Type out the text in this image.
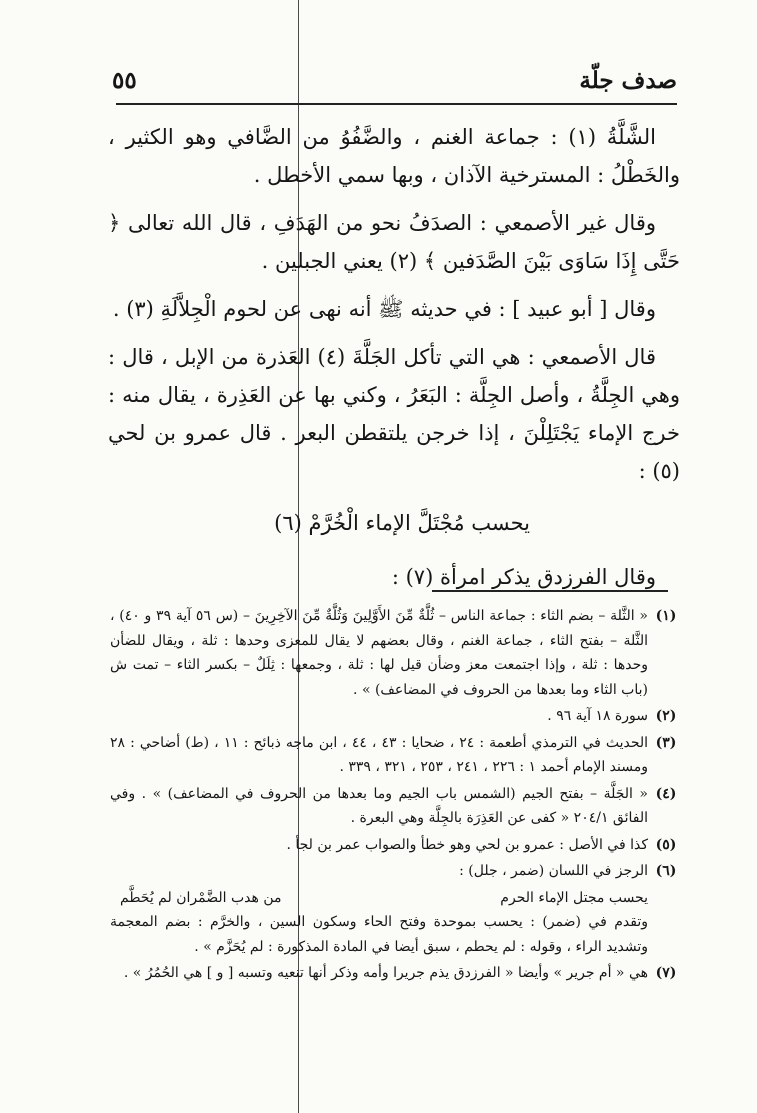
صدف جلّة
٥٥

الشَّلَّةُ (١) : جماعة الغنم ، والضَّفُوُ من الضَّافي وهو الكثير ، والخَطْلُ : المسترخية الآذان ، وبها سمي الأخطل .

وقال غير الأصمعي : الصدَفُ نحو من الهَدَفِ ، قال الله تعالى ﴿ حَتَّى إِذَا سَاوَى بَيْنَ الصَّدَفين ﴾ (٢) يعني الجبلين .

وقال [ أبو عبيد ] : في حديثه ﷺ أنه نهى عن لحوم الْجِلاَّلَةِ (٣) .

قال الأصمعي : هي التي تأكل الجَلَّةَ (٤) العَذرة من الإبل ، قال : وهي الجِلَّةُ ، وأصل الجِلَّة : البَعَرُ ، وكني بها عن العَذِرة ، يقال منه : خرج الإماء يَجْتَلِلْنَ ، إذا خرجن يلتقطن البعر . قال عمرو بن لحي (٥) :

يحسب مُجْتَلَّ الإماء الْخُرَّمْ (٦)

وقال الفرزدق يذكر امرأة (٧) :

(١)
« الثَّلة – بضم الثاء : جماعة الناس – ثُلَّةٌ مِّنَ الأَوَّلِينَ وَثُلَّةٌ مِّنَ الآخِرِينَ – (س ٥٦ آية ٣٩ و ٤٠) ، الثَّلة – بفتح الثاء ، جماعة الغنم ، وقال بعضهم لا يقال للمعزى وحدها : ثلة ، ويقال للضأن وحدها : ثلة ، وإذا اجتمعت معز وضأن قيل لها : ثلة ، وجمعها : ثِلَلٌ – بكسر الثاء – تمت ش (باب الثاء وما بعدها من الحروف في المضاعف) » .
(٢)
سورة ١٨ آية ٩٦ .
(٣)
الحديث في الترمذي أطعمة : ٢٤ ، ضحايا : ٤٣ ، ٤٤ ، ابن ماجه ذبائح : ١١ ، (ط) أضاحي : ٢٨ ومسند الإمام أحمد ١ : ٢٢٦ ، ٢٤١ ، ٢٥٣ ، ٣٢١ ، ٣٣٩ .
(٤)
« الجَلَّة – بفتح الجيم (الشمس باب الجيم وما بعدها من الحروف في المضاعف) » . وفي الفائق ٢٠٤/١ « كفى عن العَذِرَة بالجِلَّة وهي البعرة .
(٥)
كذا في الأصل : عمرو بن لحي وهو خطأ والصواب عمر بن لجأ .
(٦)
الرجز في اللسان (ضمر ، جلل) :
يحسب مجتل الإماء الحرم
من هدب الضَّمْران لم يُحَطَّم
وتقدم في (ضمر) : يحسب بموحدة وفتح الحاء وسكون السين ، والخرَّم : بضم المعجمة وتشديد الراء ، وقوله : لم يحطم ، سبق أيضا في المادة المذكورة : لم يُحَزَّم » .
(٧)
هي « أم جرير » وأيضا « الفرزدق يذم جريرا وأمه وذكر أنها تنعيه وتسبه [ و ] هي الحُمُرُ » .
